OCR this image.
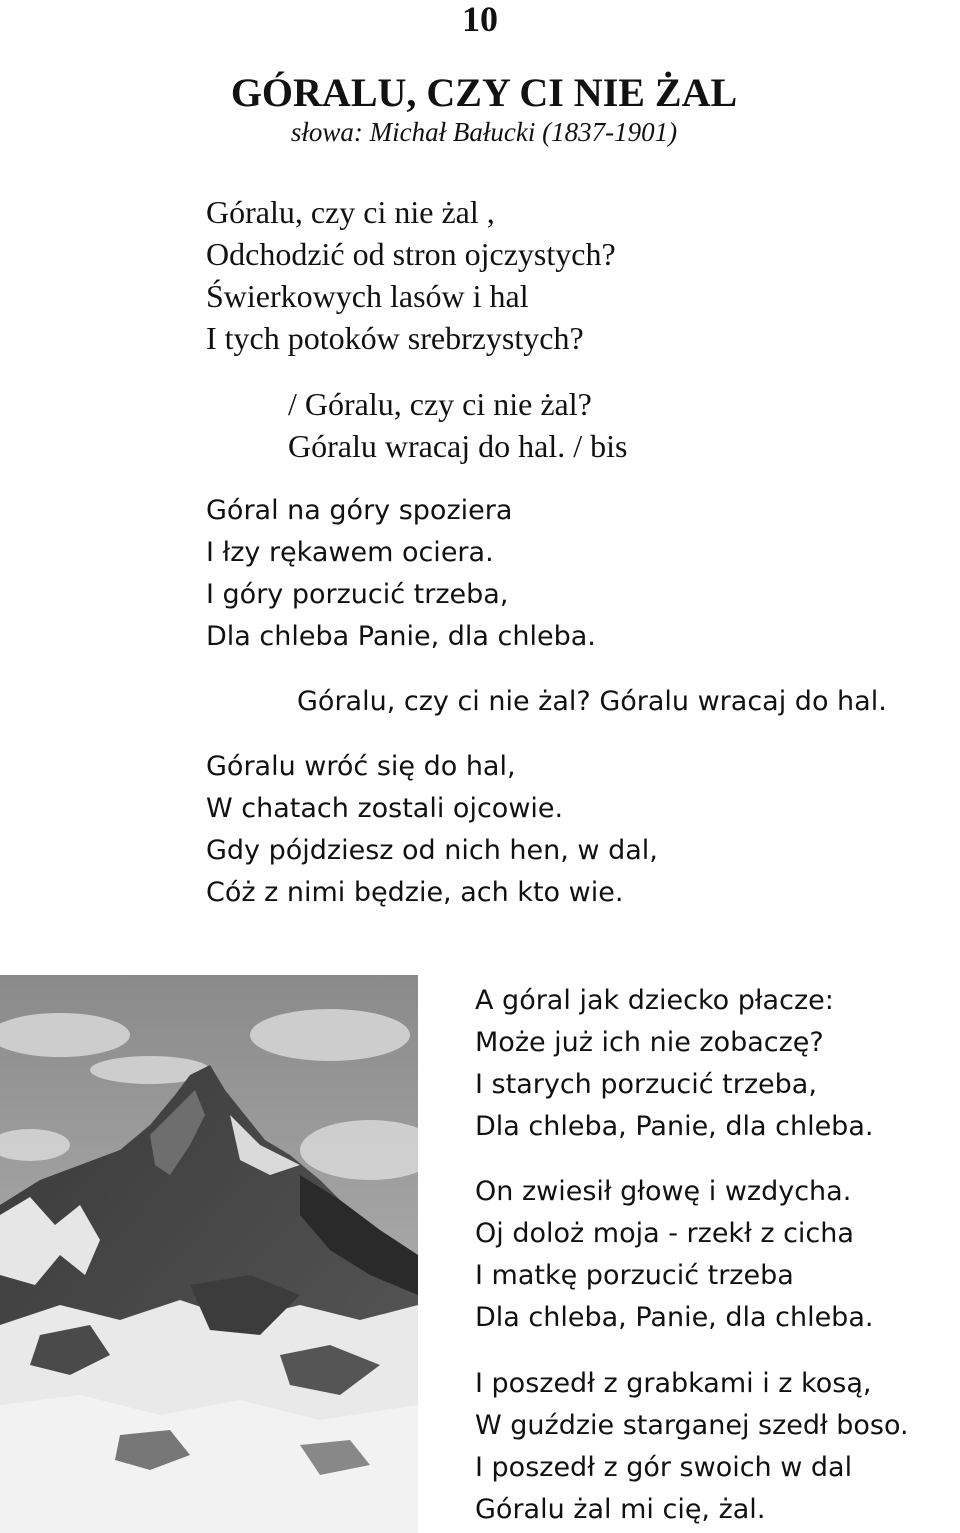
10
GÓRALU, CZY CI NIE ŻAL
słowa: Michał Bałucki (1837-1901)
Góralu, czy ci nie żal ,
Odchodzić od stron ojczystych?
Świerkowych lasów i hal
I tych potoków srebrzystych?
/ Góralu, czy ci nie żal?
Góralu wracaj do hal. / bis
Góral na góry spoziera
I łzy rękawem ociera.
I góry porzucić trzeba,
Dla chleba Panie, dla chleba.
Góralu, czy ci nie żal? Góralu wracaj do hal.
Góralu wróć się do hal,
W chatach zostali ojcowie.
Gdy pójdziesz od nich hen, w dal,
Cóż z nimi będzie, ach kto wie.
A góral jak dziecko płacze:
Może już ich nie zobaczę?
I starych porzucić trzeba,
Dla chleba, Panie, dla chleba.
On zwiesił głowę i wzdycha.
Oj doloż moja - rzekł z cicha
I matkę porzucić trzeba
Dla chleba, Panie, dla chleba.
I poszedł z grabkami i z kosą,
W guździe starganej szedł boso.
I poszedł z gór swoich w dal
Góralu żal mi cię, żal.
